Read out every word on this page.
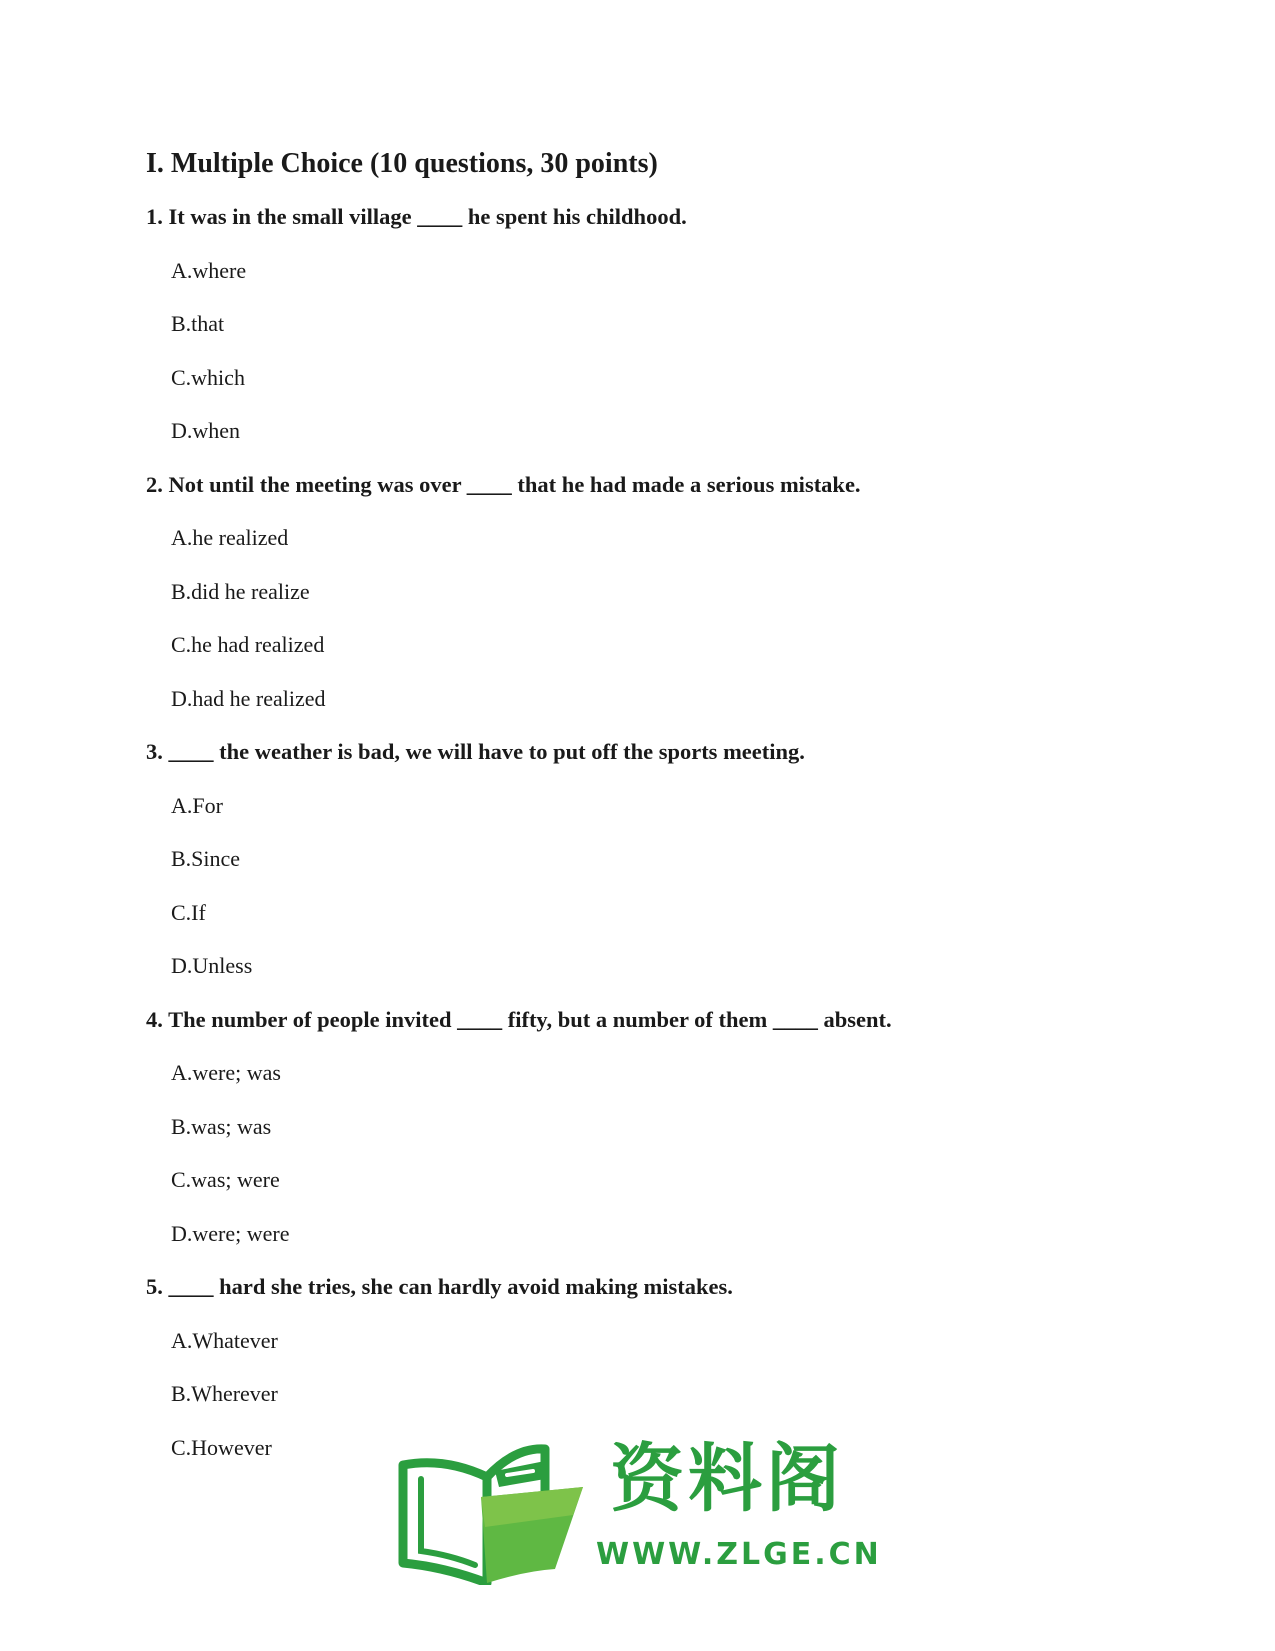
I. Multiple Choice (10 questions, 30 points)
1. It was in the small village ____ he spent his childhood.
A.where
B.that
C.which
D.when
2. Not until the meeting was over ____ that he had made a serious mistake.
A.he realized
B.did he realize
C.he had realized
D.had he realized
3. ____ the weather is bad, we will have to put off the sports meeting.
A.For
B.Since
C.If
D.Unless
4. The number of people invited ____ fifty, but a number of them ____ absent.
A.were; was
B.was; was
C.was; were
D.were; were
5. ____ hard she tries, she can hardly avoid making mistakes.
A.Whatever
B.Wherever
C.However	资料阁
WWW.ZLGE.CN
